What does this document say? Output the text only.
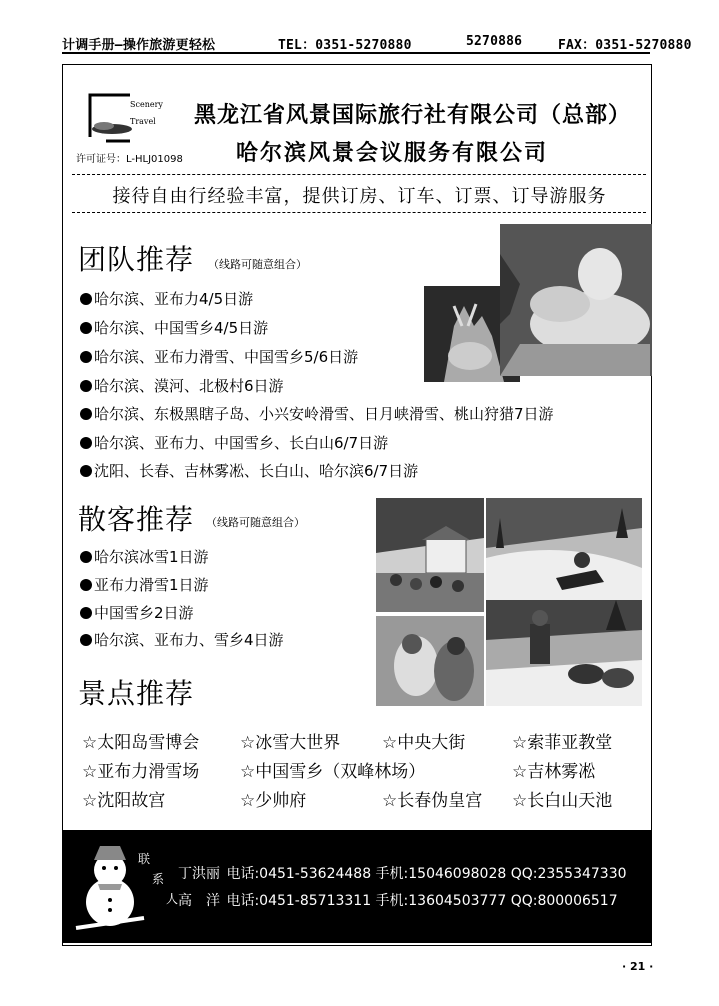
计调手册—操作旅游更轻松	TEL：0351-5270880	5270886	FAX：0351-5270880
Scenery
Travel
许可证号：L-HLJ01098
黑龙江省风景国际旅行社有限公司（总部）
哈尔滨风景会议服务有限公司
接待自由行经验丰富，提供订房、订车、订票、订导游服务
团队推荐 （线路可随意组合）
哈尔滨、亚布力4/5日游
哈尔滨、中国雪乡4/5日游
哈尔滨、亚布力滑雪、中国雪乡5/6日游
哈尔滨、漠河、北极村6日游
哈尔滨、东极黑瞎子岛、小兴安岭滑雪、日月峡滑雪、桃山狩猎7日游
哈尔滨、亚布力、中国雪乡、长白山6/7日游
沈阳、长春、吉林雾凇、长白山、哈尔滨6/7日游
散客推荐 （线路可随意组合）
哈尔滨冰雪1日游
亚布力滑雪1日游
中国雪乡2日游
哈尔滨、亚布力、雪乡4日游
景点推荐
☆太阳岛雪博会 ☆冰雪大世界 ☆中央大街	☆索菲亚教堂
☆亚布力滑雪场 ☆中国雪乡（双峰林场）	☆吉林雾凇
☆沈阳故宫	☆少帅府	☆长春伪皇宫 ☆长白山天池
联
系
人
丁洪丽 电话:0451-53624488 手机:15046098028 QQ:2355347330
高　洋 电话:0451-85713311 手机:13604503777 QQ:800006517
· 21 ·
